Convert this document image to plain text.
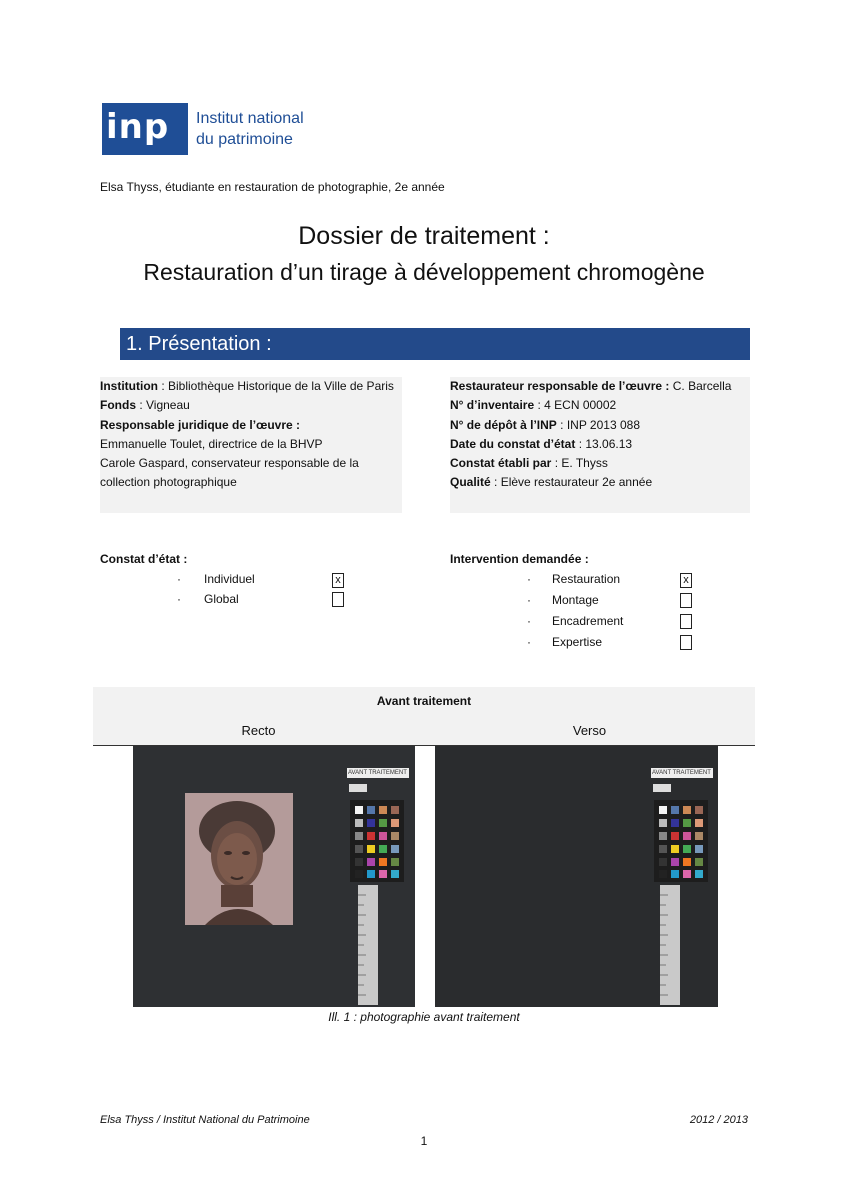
inp	Institut national
du patrimoine
Elsa Thyss, étudiante en restauration de photographie, 2e année
Dossier de traitement :
Restauration d’un tirage à développement chromogène
1. Présentation :
Institution : Bibliothèque Historique de la Ville de Paris
Fonds : Vigneau
Responsable juridique de l’œuvre :
Emmanuelle Toulet, directrice de la BHVP
Carole Gaspard, conservateur responsable de la collection photographique
Restaurateur responsable de l’œuvre : C. Barcella
N° d’inventaire : 4 ECN 00002
N° de dépôt à l’INP : INP 2013 088
Date du constat d’état : 13.06.13
Constat établi par : E. Thyss
Qualité : Elève restaurateur 2e année
Constat d’état :
·	Individuel	x
·	Global
Intervention demandée :
·	Restauration	x
·	Montage
·	Encadrement
·	Expertise
Avant traitement
Recto	Verso
AVANT TRAITEMENT	AVANT TRAITEMENT
Ill. 1 : photographie avant traitement
Elsa Thyss / Institut National du Patrimoine	2012 / 2013
1
